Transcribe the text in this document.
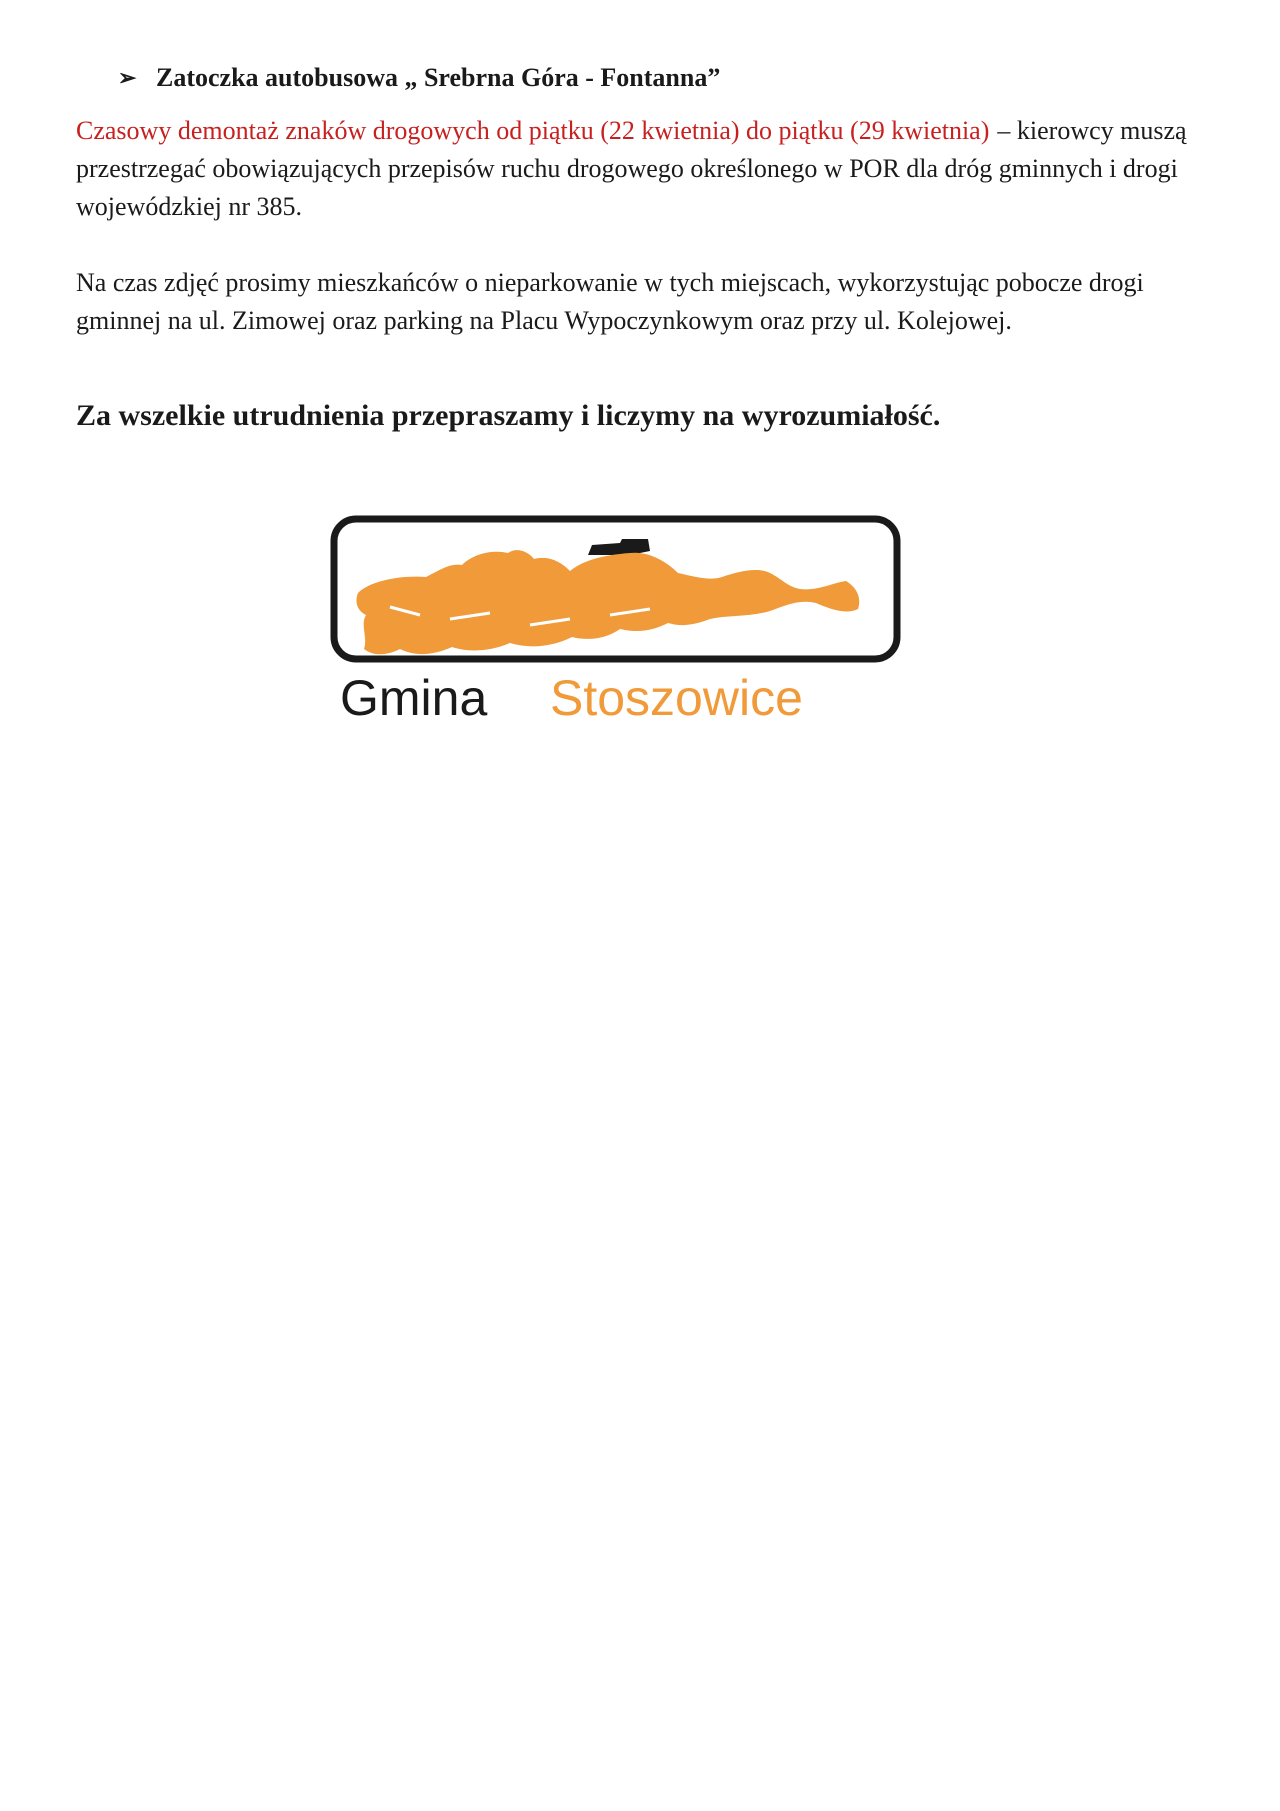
➢ Zatoczka autobusowa „ Srebrna Góra - Fontanna”

Czasowy demontaż znaków drogowych od piątku (22 kwietnia) do piątku (29 kwietnia) – kierowcy muszą przestrzegać obowiązujących przepisów ruchu drogowego określonego w POR dla dróg gminnych i drogi wojewódzkiej nr 385.

Na czas zdjęć prosimy mieszkańców o nieparkowanie w tych miejscach, wykorzystując pobocze drogi gminnej na ul. Zimowej oraz parking na Placu Wypoczynkowym oraz przy ul. Kolejowej.

Za wszelkie utrudnienia przepraszamy i liczymy na wyrozumiałość.

Gmina Stoszowice
